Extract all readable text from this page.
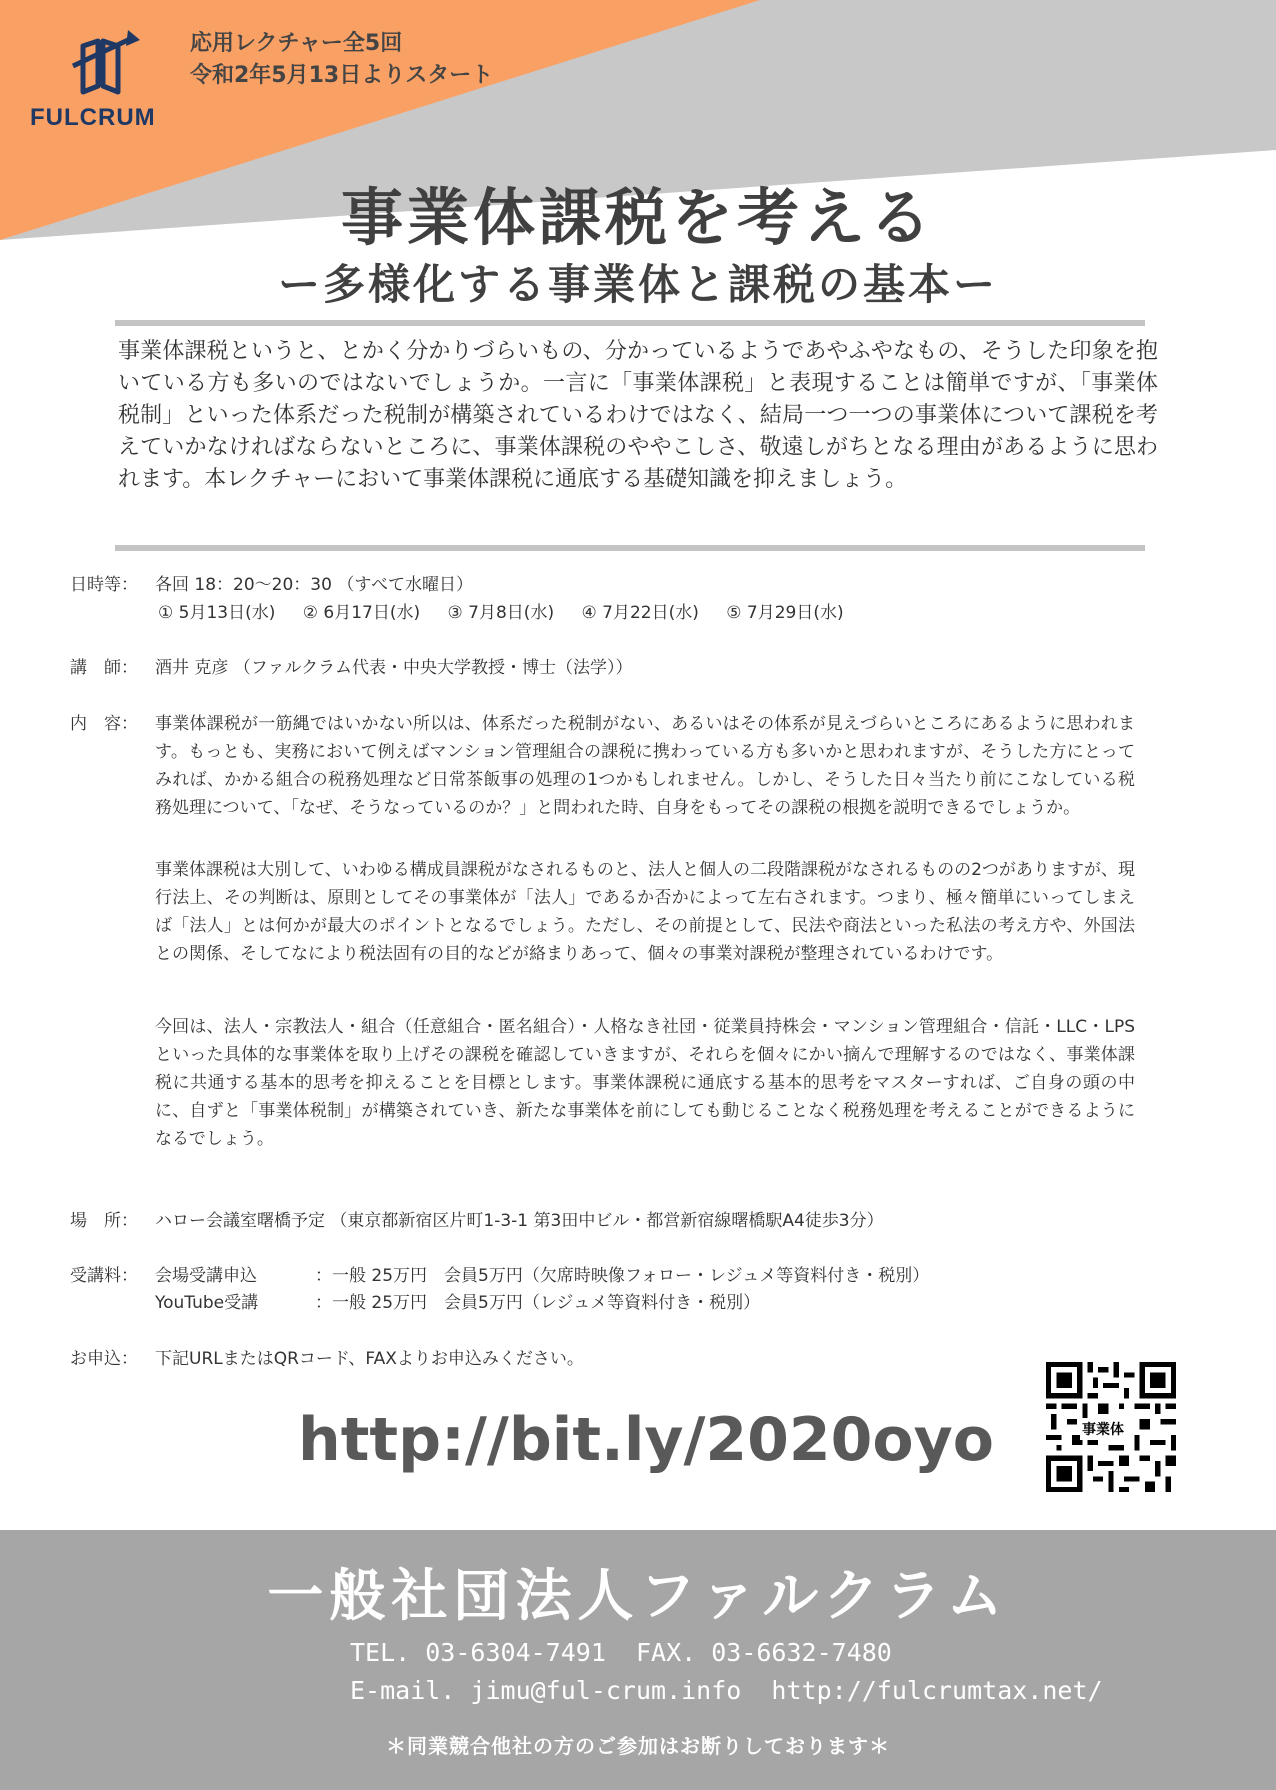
FULCRUM
応用レクチャー全5回
令和2年5月13日よりスタート
事業体課税を考える
ー多様化する事業体と課税の基本ー
事業体課税というと、とかく分かりづらいもの、分かっているようであやふやなもの、そうした印象を抱いている方も多いのではないでしょうか。一言に「事業体課税」と表現することは簡単ですが、「事業体税制」といった体系だった税制が構築されているわけではなく、結局一つ一つの事業体について課税を考えていかなければならないところに、事業体課税のややこしさ、敬遠しがちとなる理由があるように思われます。本レクチャーにおいて事業体課税に通底する基礎知識を抑えましょう。
日時等：	各回 18：20〜20：30 （すべて水曜日）
① 5月13日(水) ② 6月17日(水) ③ 7月8日(水) ④ 7月22日(水) ⑤ 7月29日(水)
講　師：	酒井 克彦 （ファルクラム代表・中央大学教授・博士（法学））
内　容：	事業体課税が一筋縄ではいかない所以は、体系だった税制がない、あるいはその体系が見えづらいところにあるように思われます。もっとも、実務において例えばマンション管理組合の課税に携わっている方も多いかと思われますが、そうした方にとってみれば、かかる組合の税務処理など日常茶飯事の処理の1つかもしれません。しかし、そうした日々当たり前にこなしている税務処理について、「なぜ、そうなっているのか？」と問われた時、自身をもってその課税の根拠を説明できるでしょうか。
事業体課税は大別して、いわゆる構成員課税がなされるものと、法人と個人の二段階課税がなされるものの2つがありますが、現行法上、その判断は、原則としてその事業体が「法人」であるか否かによって左右されます。つまり、極々簡単にいってしまえば「法人」とは何かが最大のポイントとなるでしょう。ただし、その前提として、民法や商法といった私法の考え方や、外国法との関係、そしてなにより税法固有の目的などが絡まりあって、個々の事業対課税が整理されているわけです。
今回は、法人・宗教法人・組合（任意組合・匿名組合）・人格なき社団・従業員持株会・マンション管理組合・信託・LLC・LPSといった具体的な事業体を取り上げその課税を確認していきますが、それらを個々にかい摘んで理解するのではなく、事業体課税に共通する基本的思考を抑えることを目標とします。事業体課税に通底する基本的思考をマスターすれば、ご自身の頭の中に、自ずと「事業体税制」が構築されていき、新たな事業体を前にしても動じることなく税務処理を考えることができるようになるでしょう。
場　所：	ハロー会議室曙橋予定 （東京都新宿区片町1-3-1 第3田中ビル・都営新宿線曙橋駅A4徒歩3分）
受講料：	会場受講申込	：一般 25万円　会員5万円（欠席時映像フォロー・レジュメ等資料付き・税別）
YouTube受講	：一般 25万円　会員5万円（レジュメ等資料付き・税別）
お申込：	下記URLまたはQRコード、FAXよりお申込みください。
http://bit.ly/2020oyo	事業体
一般社団法人ファルクラム
TEL. 03-6304-7491  FAX. 03-6632-7480
E-mail. jimu@ful-crum.info  http://fulcrumtax.net/
＊同業競合他社の方のご参加はお断りしております＊
